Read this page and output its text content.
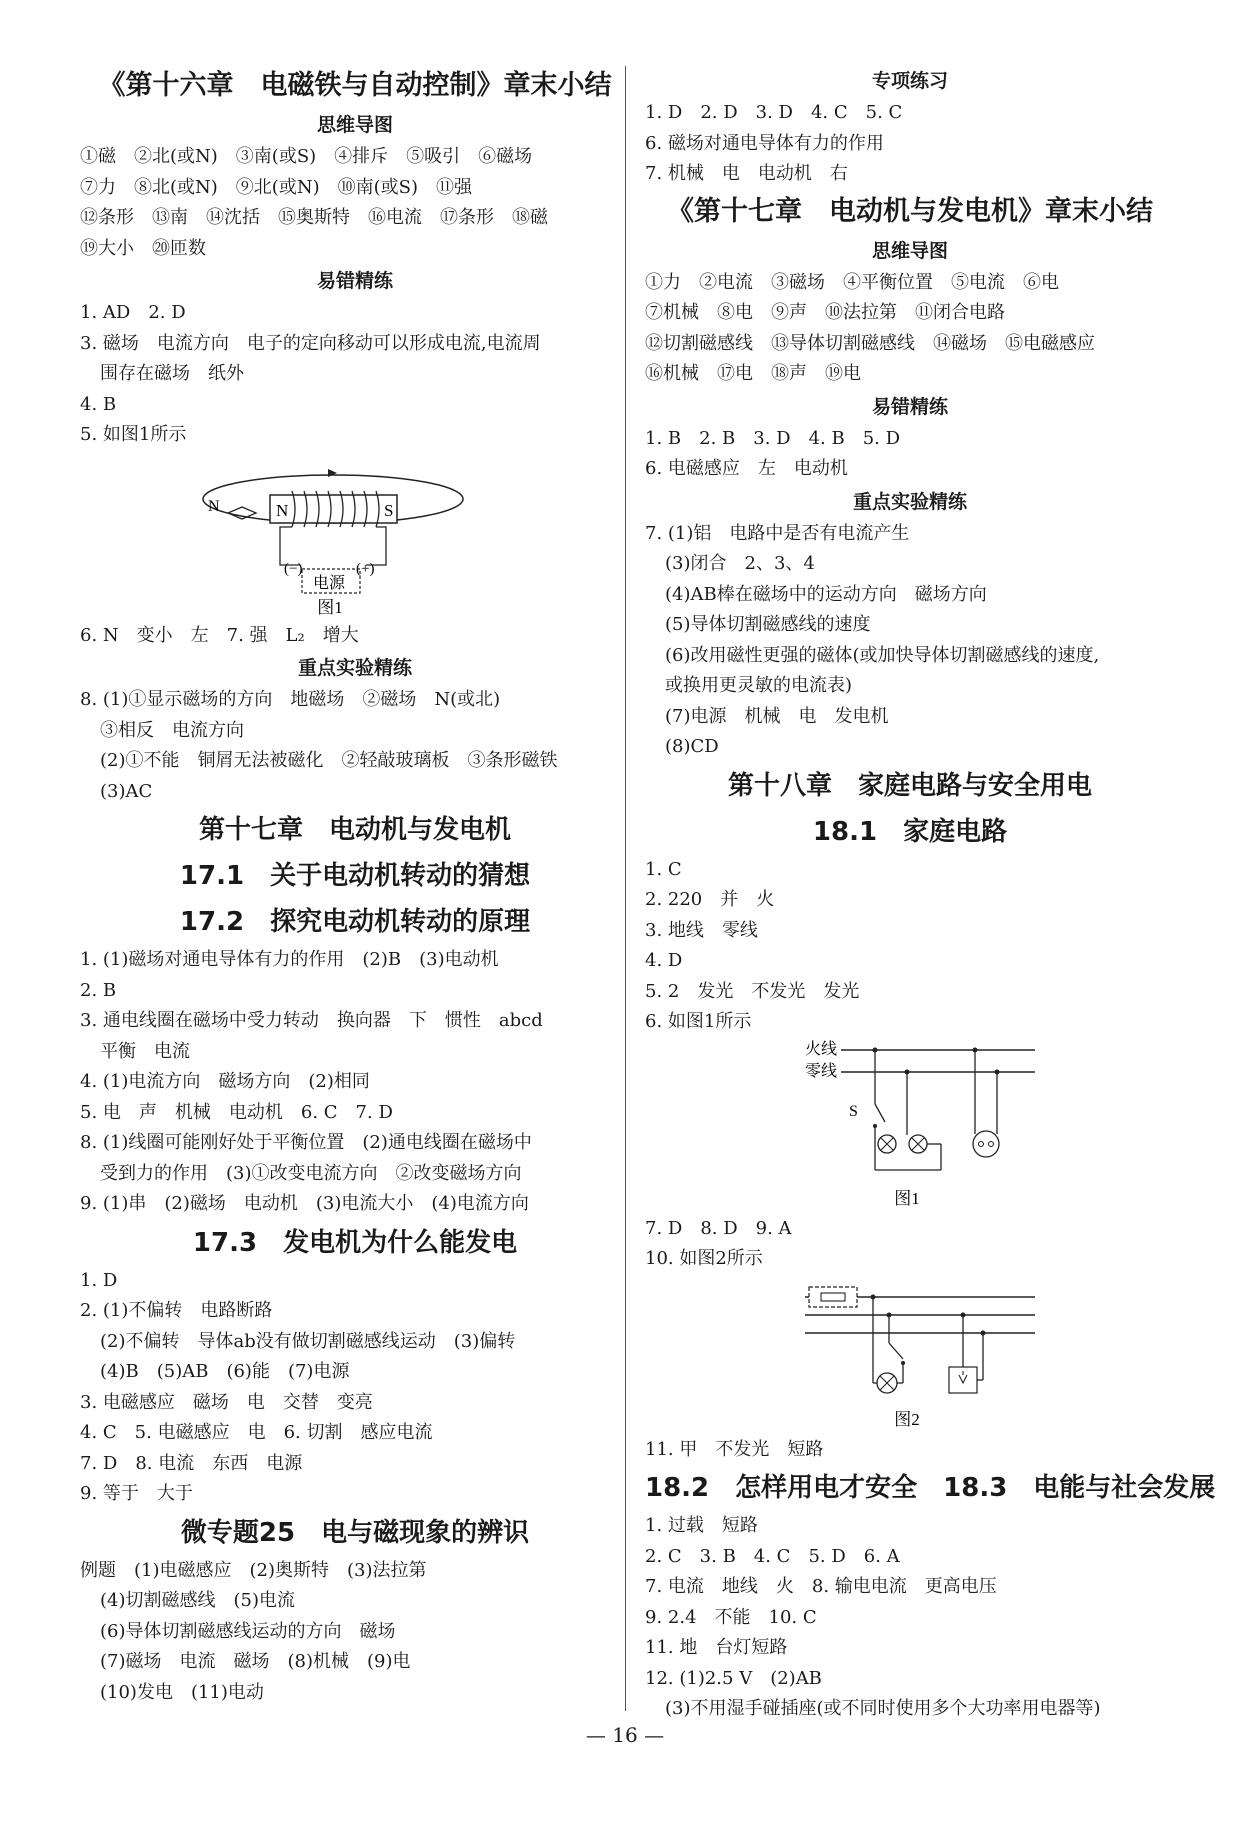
《第十六章　电磁铁与自动控制》章末小结
思维导图
①磁　②北(或N)　③南(或S)　④排斥　⑤吸引　⑥磁场
⑦力　⑧北(或N)　⑨北(或N)　⑩南(或S)　⑪强
⑫条形　⑬南　⑭沈括　⑮奥斯特　⑯电流　⑰条形　⑱磁
⑲大小　⑳匝数
易错精练
1. AD　2. D
3. 磁场　电流方向　电子的定向移动可以形成电流,电流周
围存在磁场　纸外
4. B
5. 如图1所示
N	N	S
(−)	(+)
电源
图1
6. N　变小　左　7. 强　L₂　增大
重点实验精练
8. (1)①显示磁场的方向　地磁场　②磁场　N(或北)
③相反　电流方向
(2)①不能　铜屑无法被磁化　②轻敲玻璃板　③条形磁铁
(3)AC
第十七章　电动机与发电机
17.1　关于电动机转动的猜想
17.2　探究电动机转动的原理
1. (1)磁场对通电导体有力的作用　(2)B　(3)电动机
2. B
3. 通电线圈在磁场中受力转动　换向器　下　惯性　abcd
平衡　电流
4. (1)电流方向　磁场方向　(2)相同
5. 电　声　机械　电动机　6. C　7. D
8. (1)线圈可能刚好处于平衡位置　(2)通电线圈在磁场中
受到力的作用　(3)①改变电流方向　②改变磁场方向
9. (1)串　(2)磁场　电动机　(3)电流大小　(4)电流方向
17.3　发电机为什么能发电
1. D
2. (1)不偏转　电路断路
(2)不偏转　导体ab没有做切割磁感线运动　(3)偏转
(4)B　(5)AB　(6)能　(7)电源
3. 电磁感应　磁场　电　交替　变亮
4. C　5. 电磁感应　电　6. 切割　感应电流
7. D　8. 电流　东西　电源
9. 等于　大于
微专题25　电与磁现象的辨识
例题　(1)电磁感应　(2)奥斯特　(3)法拉第
(4)切割磁感线　(5)电流
(6)导体切割磁感线运动的方向　磁场
(7)磁场　电流　磁场　(8)机械　(9)电
(10)发电　(11)电动
专项练习
1. D　2. D　3. D　4. C　5. C
6. 磁场对通电导体有力的作用
7. 机械　电　电动机　右
《第十七章　电动机与发电机》章末小结
思维导图
①力　②电流　③磁场　④平衡位置　⑤电流　⑥电
⑦机械　⑧电　⑨声　⑩法拉第　⑪闭合电路
⑫切割磁感线　⑬导体切割磁感线　⑭磁场　⑮电磁感应
⑯机械　⑰电　⑱声　⑲电
易错精练
1. B　2. B　3. D　4. B　5. D
6. 电磁感应　左　电动机
重点实验精练
7. (1)铝　电路中是否有电流产生
(3)闭合　2、3、4
(4)AB棒在磁场中的运动方向　磁场方向
(5)导体切割磁感线的速度
(6)改用磁性更强的磁体(或加快导体切割磁感线的速度,
或换用更灵敏的电流表)
(7)电源　机械　电　发电机
(8)CD
第十八章　家庭电路与安全用电
18.1　家庭电路
1. C
2. 220　并　火
3. 地线　零线
4. D
5. 2　发光　不发光　发光
6. 如图1所示
火线
零线
S
图1
7. D　8. D　9. A
10. 如图2所示
图2
11. 甲　不发光　短路
18.2　怎样用电才安全　18.3　电能与社会发展
1. 过载　短路
2. C　3. B　4. C　5. D　6. A
7. 电流　地线　火　8. 输电电流　更高电压
9. 2.4　不能　10. C
11. 地　台灯短路
12. (1)2.5 V　(2)AB
(3)不用湿手碰插座(或不同时使用多个大功率用电器等)
— 16 —
